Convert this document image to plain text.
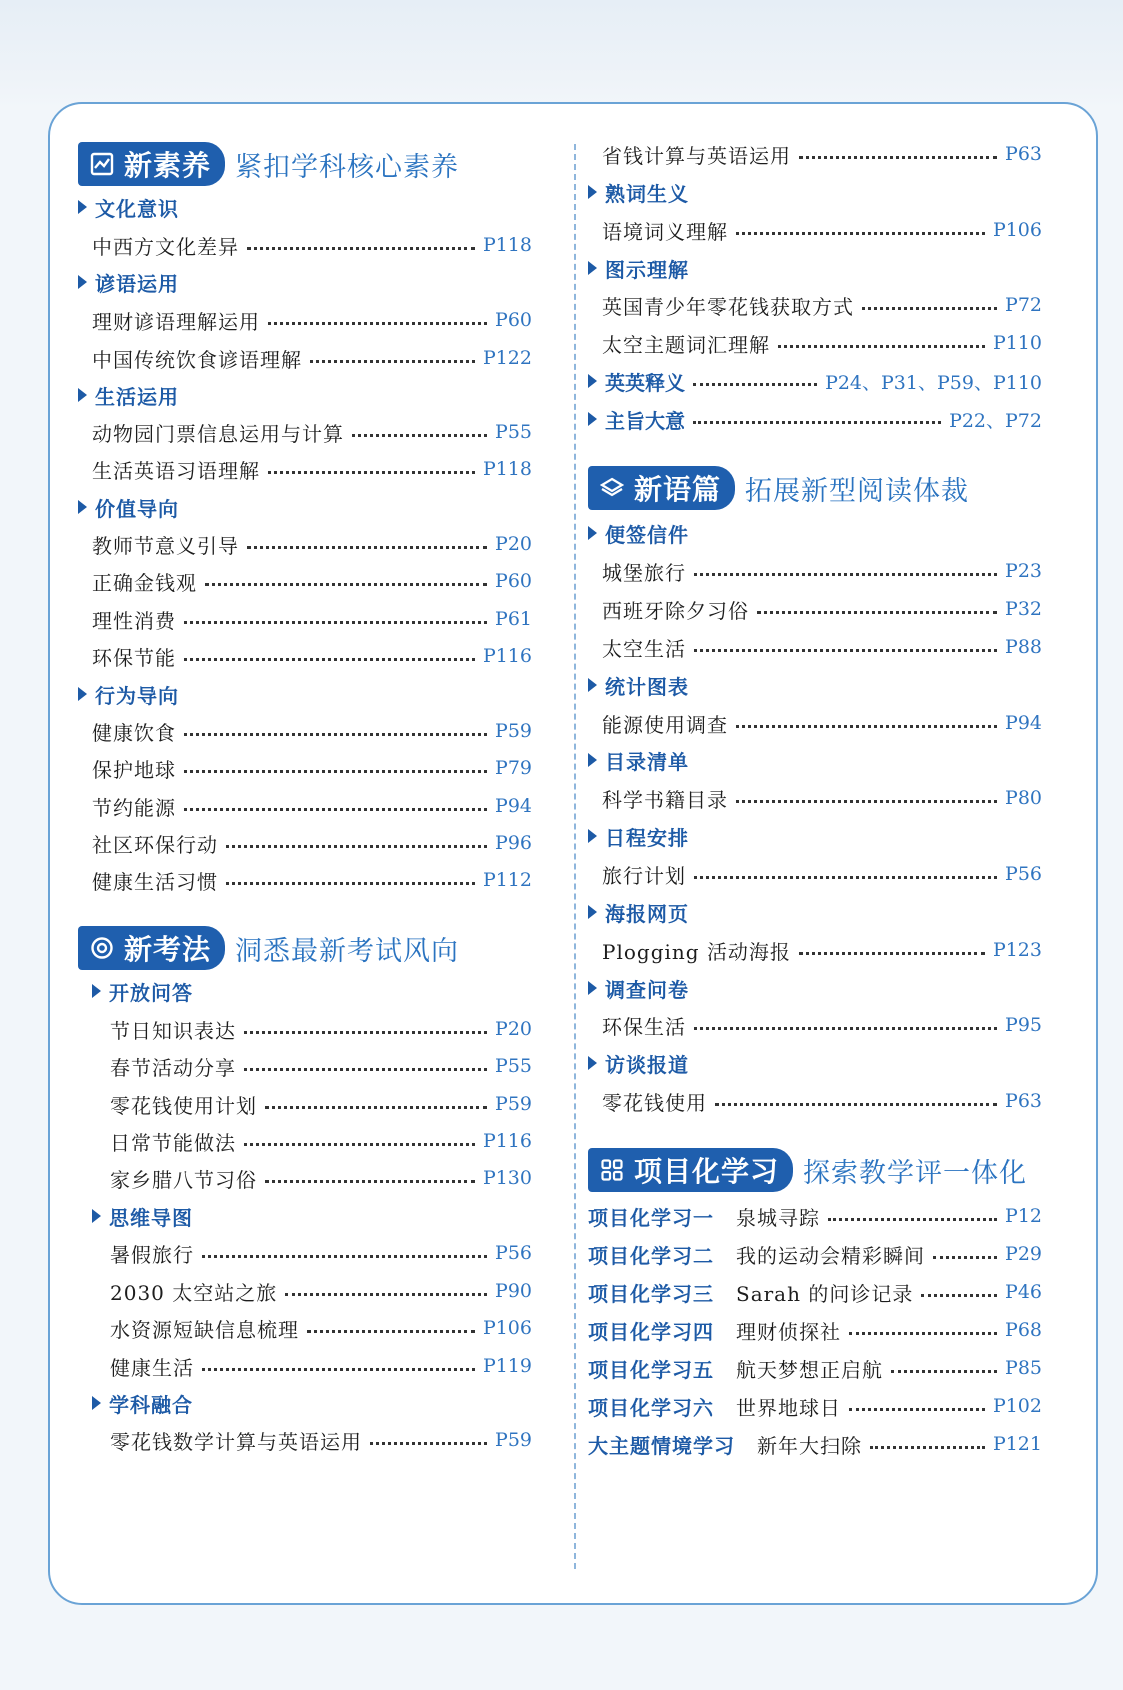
新素养 紧扣学科核心素养
文化意识
中西方文化差异	P118
谚语运用
理财谚语理解运用	P60
中国传统饮食谚语理解	P122
生活运用
动物园门票信息运用与计算	P55
生活英语习语理解	P118
价值导向
教师节意义引导	P20
正确金钱观	P60
理性消费	P61
环保节能	P116
行为导向
健康饮食	P59
保护地球	P79
节约能源	P94
社区环保行动	P96
健康生活习惯	P112
新考法 洞悉最新考试风向
开放问答
节日知识表达	P20
春节活动分享	P55
零花钱使用计划	P59
日常节能做法	P116
家乡腊八节习俗	P130
思维导图
暑假旅行	P56
2030 太空站之旅	P90
水资源短缺信息梳理	P106
健康生活	P119
学科融合
零花钱数学计算与英语运用	P59
省钱计算与英语运用	P63
熟词生义
语境词义理解	P106
图示理解
英国青少年零花钱获取方式	P72
太空主题词汇理解	P110
英英释义	P24、P31、P59、P110
主旨大意	P22、P72
新语篇 拓展新型阅读体裁
便签信件
城堡旅行	P23
西班牙除夕习俗	P32
太空生活	P88
统计图表
能源使用调查	P94
目录清单
科学书籍目录	P80
日程安排
旅行计划	P56
海报网页
Plogging 活动海报	P123
调查问卷
环保生活	P95
访谈报道
零花钱使用	P63
项目化学习 探索教学评一体化
项目化学习一 泉城寻踪	P12
项目化学习二 我的运动会精彩瞬间	P29
项目化学习三 Sarah 的问诊记录	P46
项目化学习四 理财侦探社	P68
项目化学习五 航天梦想正启航	P85
项目化学习六 世界地球日	P102
大主题情境学习 新年大扫除	P121
